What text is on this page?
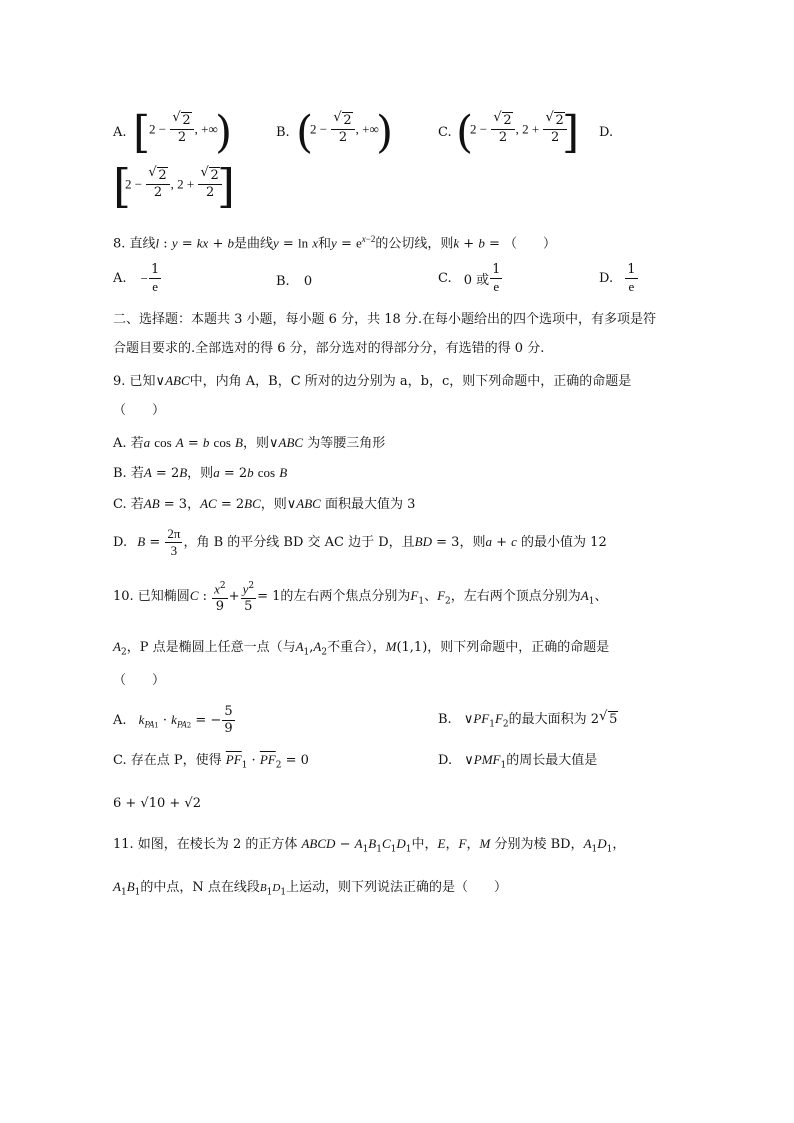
A. [
2 − √ $\frac{2}{2}$ , +∞
)	B. (
2 − √ $\frac{2}{2}$ , +∞
)	C. (
2 − √ $\frac{2}{2}$ , 2 + √ $\frac{2}{2}$
] D.
[
2 − √ $\frac{2}{2}$ , 2 + √ $\frac{2}{2}$
]
8. 直线l : y = kx + b是曲线y = ln x和$y = e^{x-2}$的公切线，则k + b = （　　）
A. − $\frac{1}{e}$	B. 0	C. 0 或 $\frac{1}{e}$	D. $\frac{1}{e}$
二、选择题：本题共 3 小题，每小题 6 分，共 18 分.在每小题给出的四个选项中，有多项是符
合题目要求的.全部选对的得 6 分，部分选对的得部分分，有选错的得 0 分.
9. 已知∨ABC中，内角 A，B，C 所对的边分别为 a，b，c，则下列命题中，正确的命题是
（　　）
A. 若a cos A = b cos B，则∨ABC 为等腰三角形
B. 若A = 2B，则a = 2b cos B
C. 若AB = 3，AC = 2BC，则∨ABC 面积最大值为 3
D. $B = \frac{2\pi}{3}$ ，角 B 的平分线 BD 交 AC 边于 D，且BD = 3，则a + c 的最小值为 12
10. 已知椭圆C : $\frac{x^2}{9} + \frac{y^2}{5} = 1$的左右两个焦点分别为$F_1$、$F_2$，左右两个顶点分别为$A_1$、
$A_2$，P 点是椭圆上任意一点（与$A_1,A_2$不重合），M(1,1)，则下列命题中，正确的命题是
（　　）
A. $k_{PA1} \cdot k_{PA2}$ = − $\frac{5}{9}$	B. $\vee PF_1F_2$的最大面积为 2 √ 5
C. 存在点 P，使得 $\overline{PF}_1 \cdot \overline{PF}_2 = 0$	D. $\vee PMF_1$的周长最大值是
6 + √10 + √2
11. 如图，在棱长为 2 的正方体 ABCD − $A_1B_1C_1D_1$中，E，F，M 分别为棱 BD，$A_1D_1$，
$A_1B_1$的中点，N 点在线段$B_1D_1$上运动，则下列说法正确的是（　　）
